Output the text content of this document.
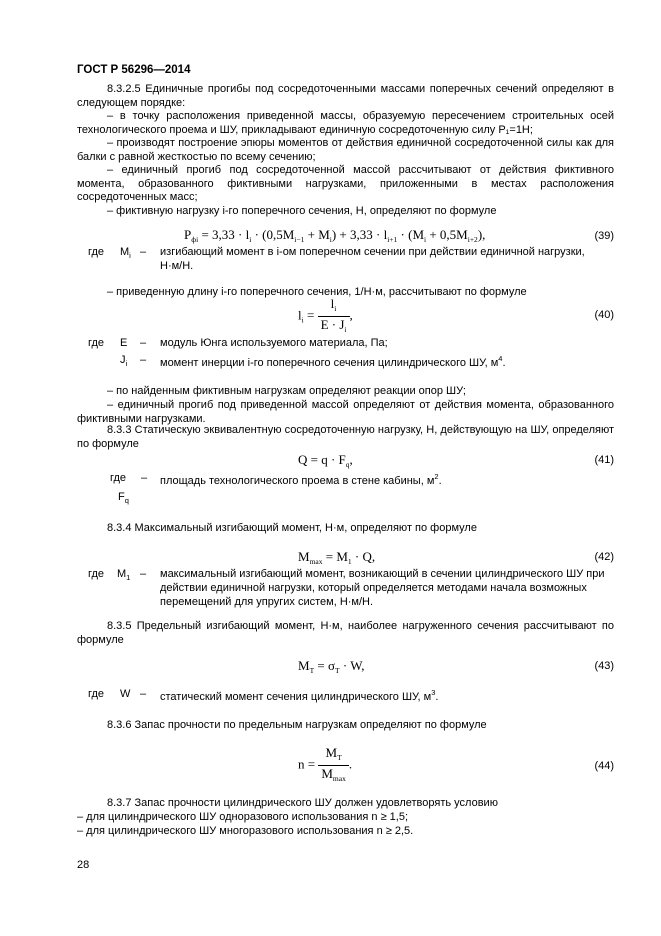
ГОСТ Р 56296—2014
8.3.2.5 Единичные прогибы под сосредоточенными массами поперечных сечений определяют в следующем порядке:
– в точку расположения приведенной массы, образуемую пересечением строительных осей технологического проема и ШУ, прикладывают единичную сосредоточенную силу P₁=1H;
– производят построение эпюры моментов от действия единичной сосредоточенной силы как для балки с равной жесткостью по всему сечению;
– единичный прогиб под сосредоточенной массой рассчитывают от действия фиктивного момента, образованного фиктивными нагрузками, приложенными в местах расположения сосредоточенных масс;
– фиктивную нагрузку i-го поперечного сечения, H, определяют по формуле
$P_{фi} = 3,33 \cdot l_i \cdot (0,5M_{i-1} + M_i) + 3,33 \cdot l_{i+1} \cdot (M_i + 0,5M_{i+2})$,	(39)
где $M_i$ – изгибающий момент в i-ом поперечном сечении при действии единичной нагрузки,
Н·м/Н.
– приведенную длину i-го поперечного сечения, 1/Н·м, рассчитывают по формуле
$l_i = \frac{l_i}{E \cdot J_i}$ ,	(40)
где E – модуль Юнга используемого материала, Па;
$J_i$ – момент инерции i-го поперечного сечения цилиндрического ШУ, $м^4$.
– по найденным фиктивным нагрузкам определяют реакции опор ШУ;
– единичный прогиб под приведенной массой определяют от действия момента, образованного фиктивными нагрузками.
8.3.3 Статическую эквивалентную сосредоточенную нагрузку, H, действующую на ШУ, определяют по формуле
$Q = q \cdot F_q$,	(41)
где – площадь технологического проема в стене кабины, $м^2$.
$F_q$
8.3.4 Максимальный изгибающий момент, Н·м, определяют по формуле
$M_{max} = M_1 \cdot Q$,	(42)
где $M_1$ – максимальный изгибающий момент, возникающий в сечении цилиндрического ШУ при
действии единичной нагрузки, который определяется методами начала возможных
перемещений для упругих систем, Н·м/Н.
8.3.5 Предельный изгибающий момент, Н·м, наиболее нагруженного сечения рассчитывают по формуле
$M_T = \sigma_T \cdot W$,	(43)
где W – статический момент сечения цилиндрического ШУ, $м^3$.
8.3.6 Запас прочности по предельным нагрузкам определяют по формуле
$n = \frac{M_T}{M_{max}}$ .	(44)
8.3.7 Запас прочности цилиндрического ШУ должен удовлетворять условию
– для цилиндрического ШУ одноразового использования n ≥ 1,5;
– для цилиндрического ШУ многоразового использования n ≥ 2,5.
28
